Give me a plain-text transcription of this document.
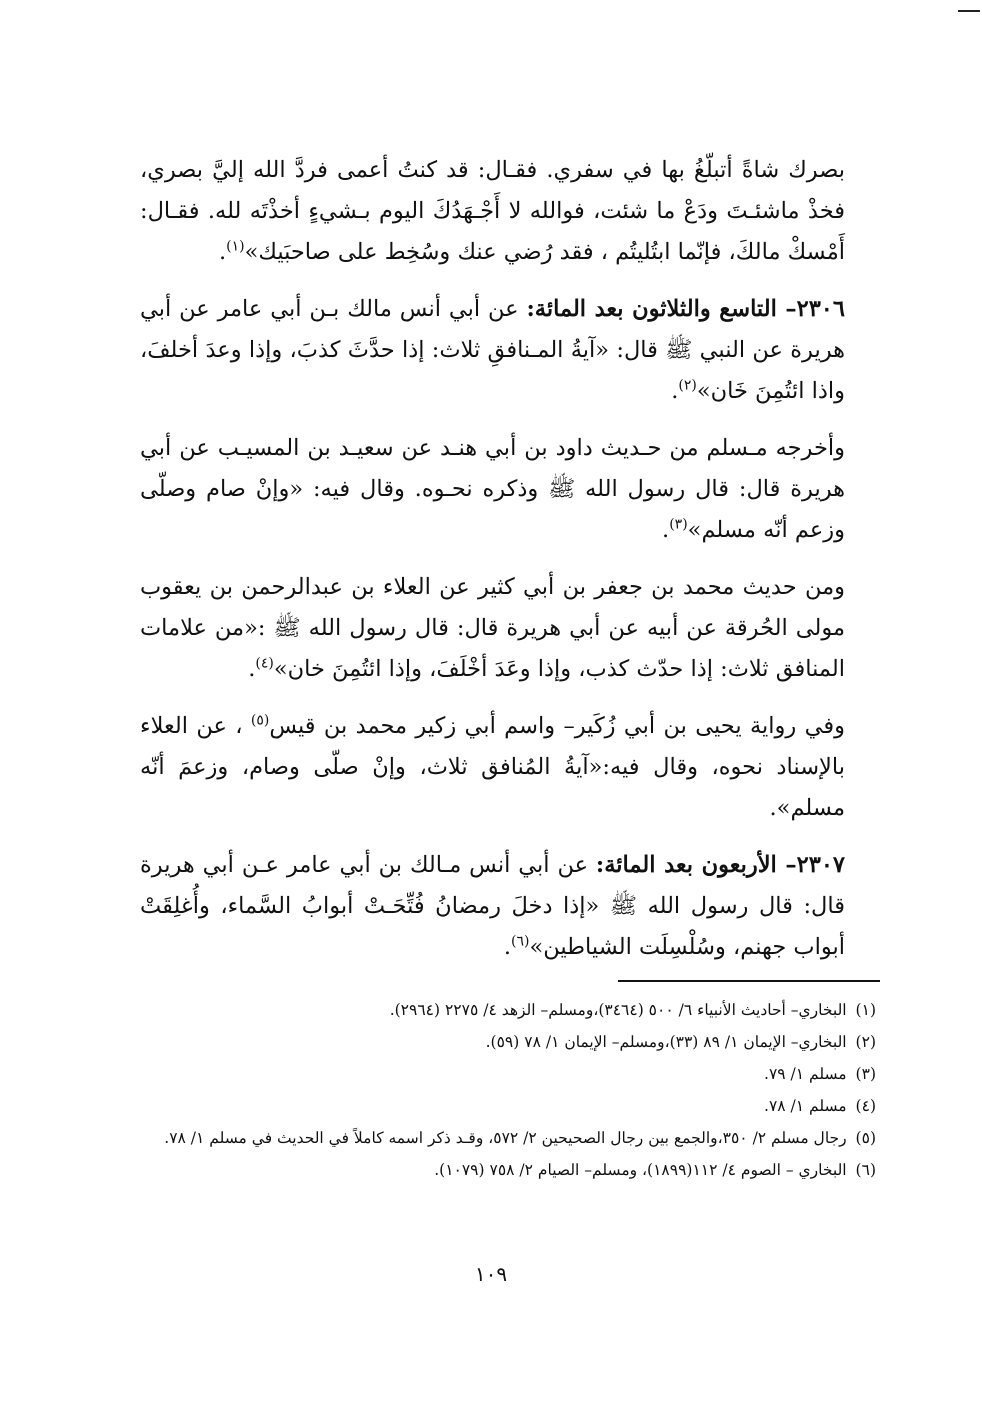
بصرك شاةً أتبلّغُ بها في سفري. فقـال: قد كنتُ أعمى فردَّ الله إليَّ بصري، فخذْ ماشئـتَ ودَعْ ما شئت، فوالله لا أَجْـهَدُكَ اليوم بـشيءٍ أخذْتَه لله. فقـال: أَمْسكْ مالكَ، فإنّما ابتُليتُم ، فقد رُضي عنك وسُخِط على صاحبَيك»$^{(١)}$.

٢٣٠٦– التاسع والثلاثون بعد المائة: عن أبي أنس مالك بـن أبي عامر عن أبي هريرة عن النبي ﷺ قال: «آيةُ المـنافقِ ثلاث: إذا حدَّثَ كذبَ، وإذا وعدَ أخلفَ، واذا ائتُمِنَ خَان»$^{(٢)}$.

وأخرجه مـسلم من حـديث داود بن أبي هنـد عن سعيـد بن المسيـب عن أبي هريرة قال: قال رسول الله ﷺ وذكره نحـوه. وقال فيه: «وإنْ صام وصلّى وزعم أنّه مسلم»$^{(٣)}$.

ومن حديث محمد بن جعفر بن أبي كثير عن العلاء بن عبدالرحمن بن يعقوب مولى الحُرقة عن أبيه عن أبي هريرة قال: قال رسول الله ﷺ :«من علامات المنافق ثلاث: إذا حدّث كذب، وإذا وعَدَ أخْلَفَ، وإذا ائتُمِنَ خان»$^{(٤)}$.

وفي رواية يحيى بن أبي زُكَير– واسم أبي زكير محمد بن قيس$^{(٥)}$ ، عن العلاء بالإسناد نحوه، وقال فيه:«آيةُ المُنافق ثلاث، وإنْ صلّى وصام، وزعمَ أنّه مسلم».

٢٣٠٧– الأربعون بعد المائة: عن أبي أنس مـالك بن أبي عامر عـن أبي هريرة قال: قال رسول الله ﷺ «إذا دخلَ رمضانُ فُتِّحَـتْ أبوابُ السَّماء، وأُغلِقَتْ أبواب جهنم، وسُلْسِلَت الشياطين»$^{(٦)}$.

(١) البخاري– أحاديث الأنبياء ٦/ ٥٠٠ (٣٤٦٤)،ومسلم– الزهد ٤/ ٢٢٧٥ (٢٩٦٤).

(٢) البخاري– الإيمان ١/ ٨٩ (٣٣)،ومسلم– الإيمان ١/ ٧٨ (٥٩).

(٣) مسلم ١/ ٧٩.

(٤) مسلم ١/ ٧٨.

(٥) رجال مسلم ٢/ ٣٥٠،والجمع بين رجال الصحيحين ٢/ ٥٧٢، وقـد ذكر اسمه كاملاً في الحديث في مسلم ١/ ٧٨.

(٦) البخاري – الصوم ٤/ ١١٢(١٨٩٩)، ومسلم– الصيام ٢/ ٧٥٨ (١٠٧٩).

١٠٩
